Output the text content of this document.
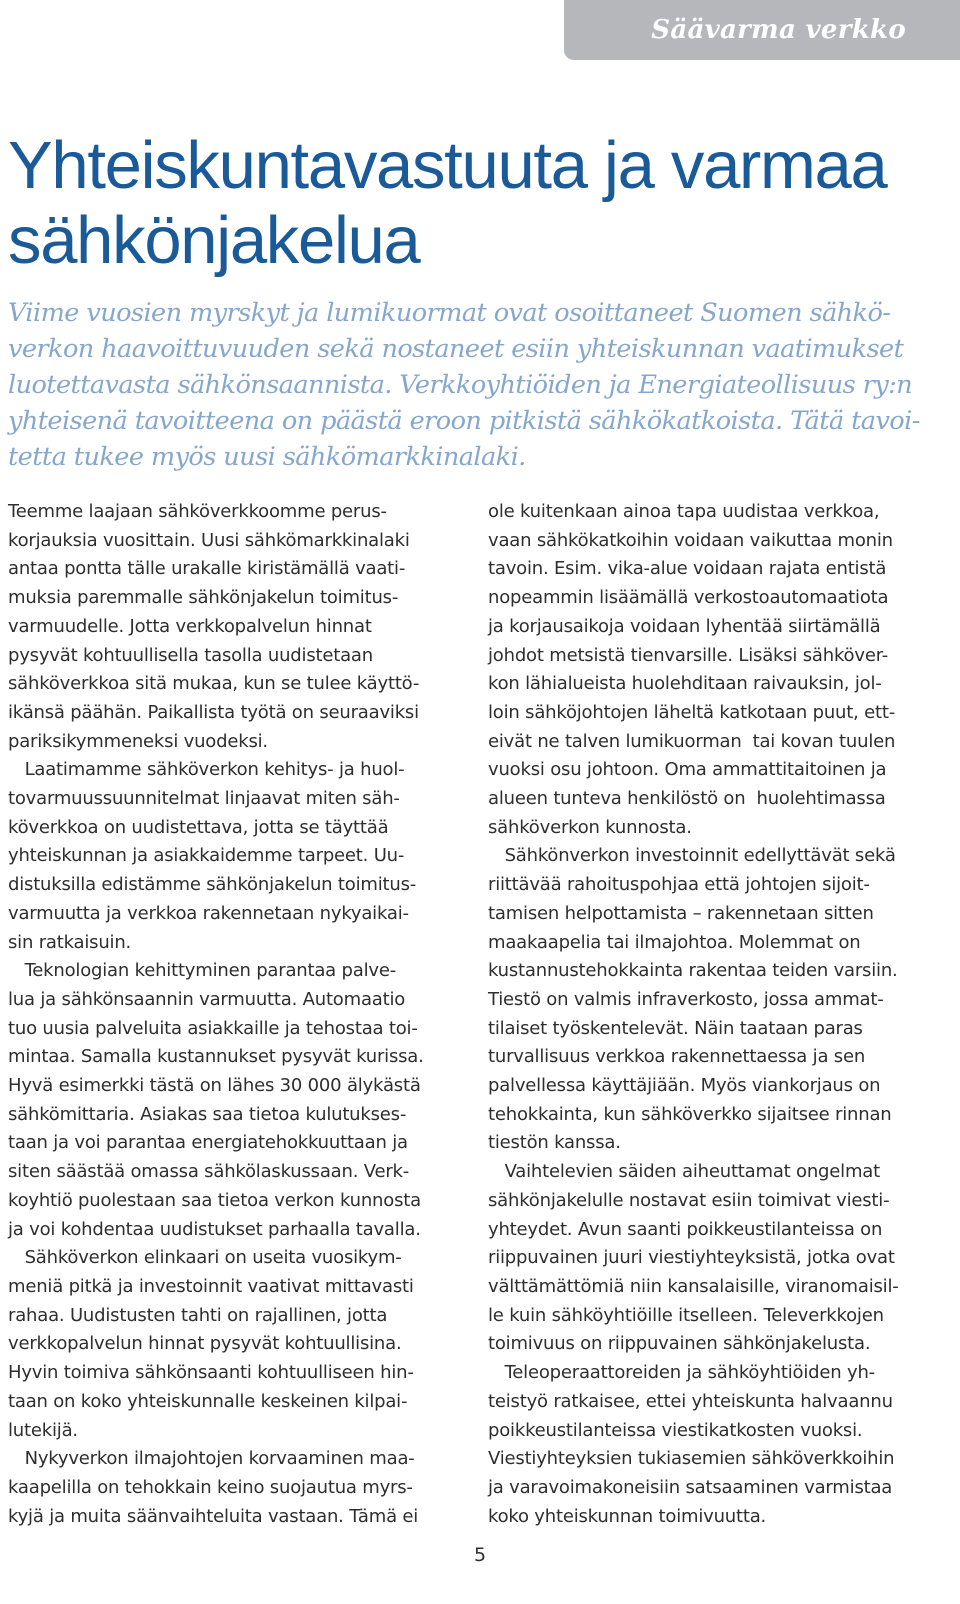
Säävarma verkko
Yhteiskuntavastuuta ja varmaa
sähkönjakelua
Viime vuosien myrskyt ja lumikuormat ovat osoittaneet Suomen sähkö-
verkon haavoittuvuuden sekä nostaneet esiin yhteiskunnan vaatimukset
luotettavasta sähkönsaannista. Verkkoyhtiöiden ja Energiateollisuus ry:n
yhteisenä tavoitteena on päästä eroon pitkistä sähkökatkoista. Tätä tavoi-
tetta tukee myös uusi sähkömarkkinalaki.
Teemme laajaan sähköverkkoomme perus-
korjauksia vuosittain. Uusi sähkömarkkinalaki
antaa pontta tälle urakalle kiristämällä vaati-
muksia paremmalle sähkönjakelun toimitus-
varmuudelle. Jotta verkkopalvelun hinnat
pysyvät kohtuullisella tasolla uudistetaan
sähköverkkoa sitä mukaa, kun se tulee käyttö-
ikänsä päähän. Paikallista työtä on seuraaviksi
pariksikymmeneksi vuodeksi.
Laatimamme sähköverkon kehitys- ja huol-
tovarmuussuunnitelmat linjaavat miten säh-
köverkkoa on uudistettava, jotta se täyttää
yhteiskunnan ja asiakkaidemme tarpeet. Uu-
distuksilla edistämme sähkönjakelun toimitus-
varmuutta ja verkkoa rakennetaan nykyaikai-
sin ratkaisuin.
Teknologian kehittyminen parantaa palve-
lua ja sähkönsaannin varmuutta. Automaatio
tuo uusia palveluita asiakkaille ja tehostaa toi-
mintaa. Samalla kustannukset pysyvät kurissa.
Hyvä esimerkki tästä on lähes 30 000 älykästä
sähkömittaria. Asiakas saa tietoa kulutukses-
taan ja voi parantaa energiatehokkuuttaan ja
siten säästää omassa sähkölaskussaan. Verk-
koyhtiö puolestaan saa tietoa verkon kunnosta
ja voi kohdentaa uudistukset parhaalla tavalla.
Sähköverkon elinkaari on useita vuosikym-
meniä pitkä ja investoinnit vaativat mittavasti
rahaa. Uudistusten tahti on rajallinen, jotta
verkkopalvelun hinnat pysyvät kohtuullisina.
Hyvin toimiva sähkönsaanti kohtuulliseen hin-
taan on koko yhteiskunnalle keskeinen kilpai-
lutekijä.
Nykyverkon ilmajohtojen korvaaminen maa-
kaapelilla on tehokkain keino suojautua myrs-
kyjä ja muita säänvaihteluita vastaan. Tämä ei
ole kuitenkaan ainoa tapa uudistaa verkkoa,
vaan sähkökatkoihin voidaan vaikuttaa monin
tavoin. Esim. vika-alue voidaan rajata entistä
nopeammin lisäämällä verkostoautomaatiota
ja korjausaikoja voidaan lyhentää siirtämällä
johdot metsistä tienvarsille. Lisäksi sähköver-
kon lähialueista huolehditaan raivauksin, jol-
loin sähköjohtojen läheltä katkotaan puut, ett-
eivät ne talven lumikuorman  tai kovan tuulen
vuoksi osu johtoon. Oma ammattitaitoinen ja
alueen tunteva henkilöstö on  huolehtimassa
sähköverkon kunnosta.
Sähkönverkon investoinnit edellyttävät sekä
riittävää rahoituspohjaa että johtojen sijoit-
tamisen helpottamista – rakennetaan sitten
maakaapelia tai ilmajohtoa. Molemmat on
kustannustehokkainta rakentaa teiden varsiin.
Tiestö on valmis infraverkosto, jossa ammat-
tilaiset työskentelevät. Näin taataan paras
turvallisuus verkkoa rakennettaessa ja sen
palvellessa käyttäjiään. Myös viankorjaus on
tehokkainta, kun sähköverkko sijaitsee rinnan
tiestön kanssa.
Vaihtelevien säiden aiheuttamat ongelmat
sähkönjakelulle nostavat esiin toimivat viesti-
yhteydet. Avun saanti poikkeustilanteissa on
riippuvainen juuri viestiyhteyksistä, jotka ovat
välttämättömiä niin kansalaisille, viranomaisil-
le kuin sähköyhtiöille itselleen. Televerkkojen
toimivuus on riippuvainen sähkönjakelusta.
Teleoperaattoreiden ja sähköyhtiöiden yh-
teistyö ratkaisee, ettei yhteiskunta halvaannu
poikkeustilanteissa viestikatkosten vuoksi.
Viestiyhteyksien tukiasemien sähköverkkoihin
ja varavoimakoneisiin satsaaminen varmistaa
koko yhteiskunnan toimivuutta.
5
